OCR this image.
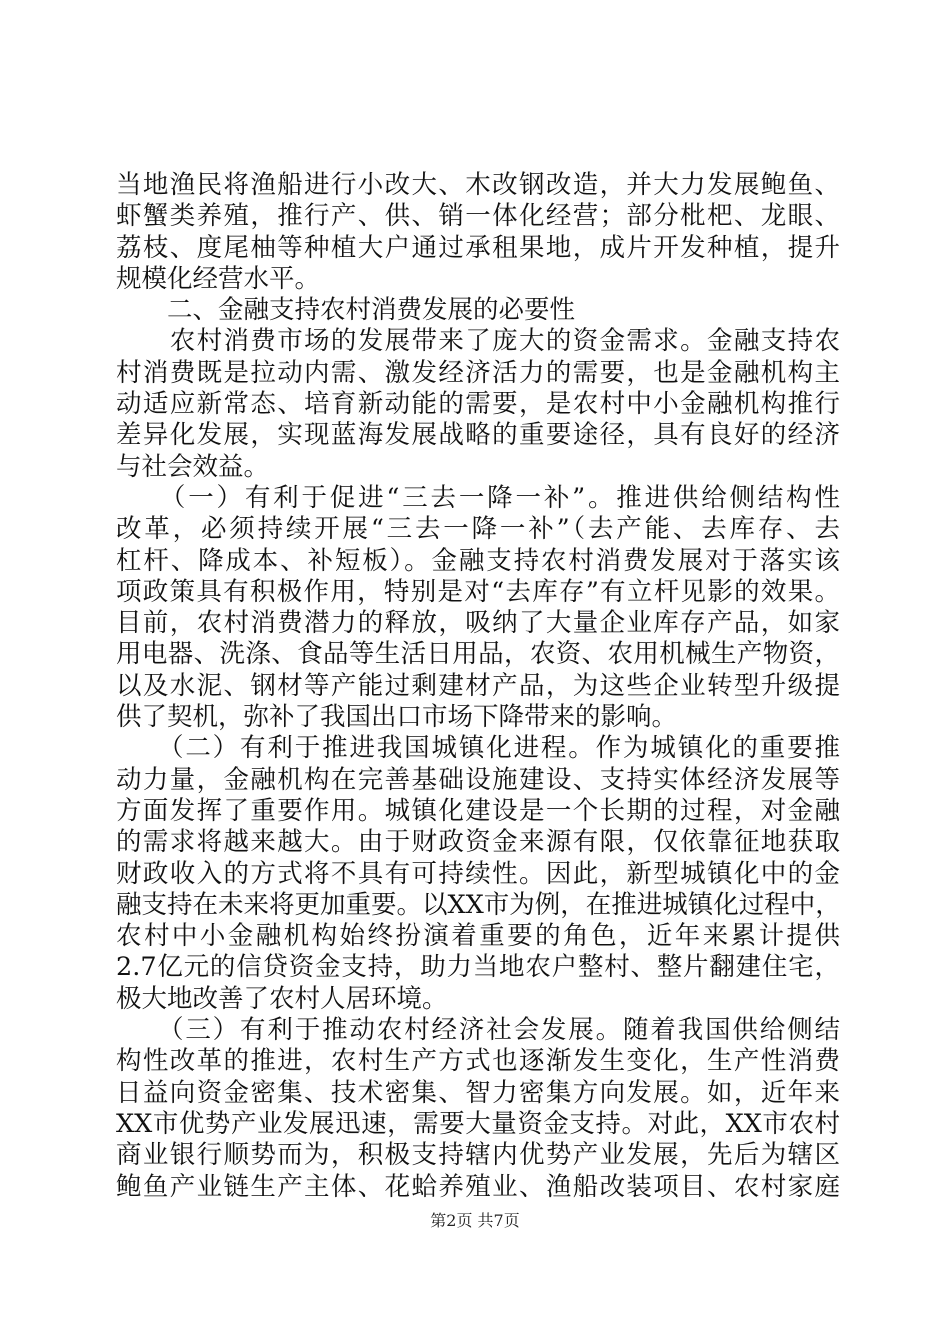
当地渔民将渔船进行小改大、木改钢改造，并大力发展鲍鱼、
虾蟹类养殖，推行产、供、销一体化经营；部分枇杷、龙眼、
荔枝、度尾柚等种植大户通过承租果地，成片开发种植，提升
规模化经营水平。
　　二、金融支持农村消费发展的必要性
　　农村消费市场的发展带来了庞大的资金需求。金融支持农
村消费既是拉动内需、激发经济活力的需要，也是金融机构主
动适应新常态、培育新动能的需要，是农村中小金融机构推行
差异化发展，实现蓝海发展战略的重要途径，具有良好的经济
与社会效益。
　　（一）有利于促进“三去一降一补”。推进供给侧结构性
改革，必须持续开展“三去一降一补”（去产能、去库存、去
杠杆、降成本、补短板）。金融支持农村消费发展对于落实该
项政策具有积极作用，特别是对“去库存”有立杆见影的效果。
目前，农村消费潜力的释放，吸纳了大量企业库存产品，如家
用电器、洗涤、食品等生活日用品，农资、农用机械生产物资，
以及水泥、钢材等产能过剩建材产品，为这些企业转型升级提
供了契机，弥补了我国出口市场下降带来的影响。
　　（二）有利于推进我国城镇化进程。作为城镇化的重要推
动力量，金融机构在完善基础设施建设、支持实体经济发展等
方面发挥了重要作用。城镇化建设是一个长期的过程，对金融
的需求将越来越大。由于财政资金来源有限，仅依靠征地获取
财政收入的方式将不具有可持续性。因此，新型城镇化中的金
融支持在未来将更加重要。以XX市为例，在推进城镇化过程中，
农村中小金融机构始终扮演着重要的角色，近年来累计提供
2.7亿元的信贷资金支持，助力当地农户整村、整片翻建住宅，
极大地改善了农村人居环境。
　　（三）有利于推动农村经济社会发展。随着我国供给侧结
构性改革的推进，农村生产方式也逐渐发生变化，生产性消费
日益向资金密集、技术密集、智力密集方向发展。如，近年来
XX市优势产业发展迅速，需要大量资金支持。对此，XX市农村
商业银行顺势而为，积极支持辖内优势产业发展，先后为辖区
鲍鱼产业链生产主体、花蛤养殖业、渔船改装项目、农村家庭
第2页 共7页
